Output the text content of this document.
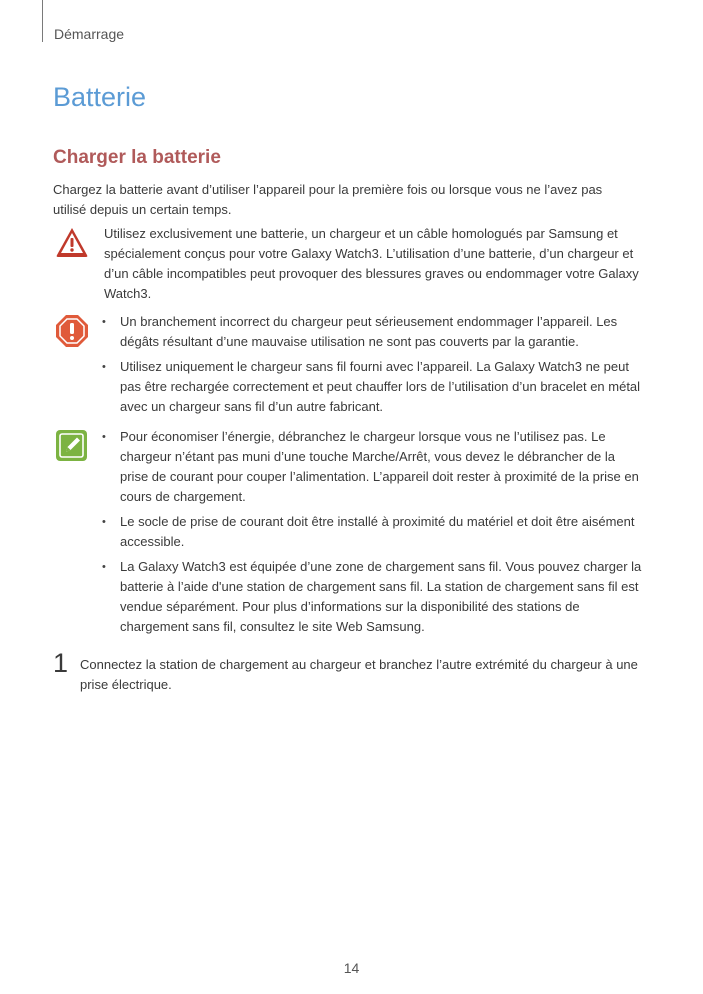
Démarrage
Batterie
Charger la batterie

Chargez la batterie avant d’utiliser l’appareil pour la première fois ou lorsque vous ne l’avez pas utilisé depuis un certain temps.

Utilisez exclusivement une batterie, un chargeur et un câble homologués par Samsung et spécialement conçus pour votre Galaxy Watch3. L’utilisation d’une batterie, d’un chargeur et d’un câble incompatibles peut provoquer des blessures graves ou endommager votre Galaxy Watch3.

• Un branchement incorrect du chargeur peut sérieusement endommager l’appareil. Les dégâts résultant d’une mauvaise utilisation ne sont pas couverts par la garantie.

• Utilisez uniquement le chargeur sans fil fourni avec l’appareil. La Galaxy Watch3 ne peut pas être rechargée correctement et peut chauffer lors de l’utilisation d’un bracelet en métal avec un chargeur sans fil d’un autre fabricant.

• Pour économiser l’énergie, débranchez le chargeur lorsque vous ne l’utilisez pas. Le chargeur n’étant pas muni d’une touche Marche/Arrêt, vous devez le débrancher de la prise de courant pour couper l’alimentation. L’appareil doit rester à proximité de la prise en cours de chargement.

• Le socle de prise de courant doit être installé à proximité du matériel et doit être aisément accessible.

• La Galaxy Watch3 est équipée d’une zone de chargement sans fil. Vous pouvez charger la batterie à l’aide d'une station de chargement sans fil. La station de chargement sans fil est vendue séparément. Pour plus d’informations sur la disponibilité des stations de chargement sans fil, consultez le site Web Samsung.

1 Connectez la station de chargement au chargeur et branchez l’autre extrémité du chargeur à une prise électrique.

14
